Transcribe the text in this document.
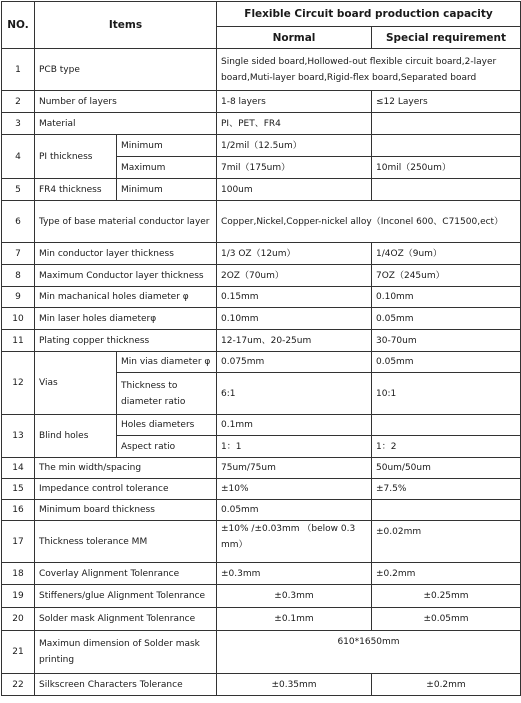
NO.	Items		Flexible Circuit board production capacity	
			Normal	Special requirement
1	PCB type		Single sided board,Hollowed-out flexible circuit board,2-layer board,Muti-layer board,Rigid-flex board,Separated board	
2	Number of layers		1-8 layers	≤12 Layers
3	Material		PI、PET、FR4	
4	PI thickness	Minimum	1/2mil（12.5um）	
		Maximum	7mil（175um）	10mil（250um）
5	FR4 thickness	Minimum	100um	
6	Type of base material conductor layer		Copper,Nickel,Copper-nickel alloy（Inconel 600、C71500,ect）	
7	Min conductor layer thickness		1/3 OZ（12um）	1/4OZ（9um）
8	Maximum Conductor layer thickness		2OZ（70um）	7OZ（245um）
9	Min machanical holes diameter φ		0.15mm	0.10mm
10	Min laser holes diameterφ		0.10mm	0.05mm
11	Plating copper thickness		12-17um、20-25um	30-70um
12	Vias	Min vias diameter φ	0.075mm	0.05mm
		Thickness to diameter ratio	6:1	10:1
13	Blind holes	Holes diameters	0.1mm	
		Aspect ratio	1：1	1：2
14	The min width/spacing		75um/75um	50um/50um
15	Impedance control tolerance		±10%	±7.5%
16	Minimum board thickness		0.05mm	
17	Thickness tolerance MM		±10% /±0.03mm （below 0.3 mm）	±0.02mm
18	Coverlay Alignment Tolenrance		±0.3mm	±0.2mm
19	Stiffeners/glue Alignment Tolenrance		±0.3mm	±0.25mm
20	Solder mask Alignment Tolenrance		±0.1mm	±0.05mm
21	Maximun dimension of Solder mask printing		610*1650mm	
22	Silkscreen Characters Tolerance		±0.35mm	±0.2mm
